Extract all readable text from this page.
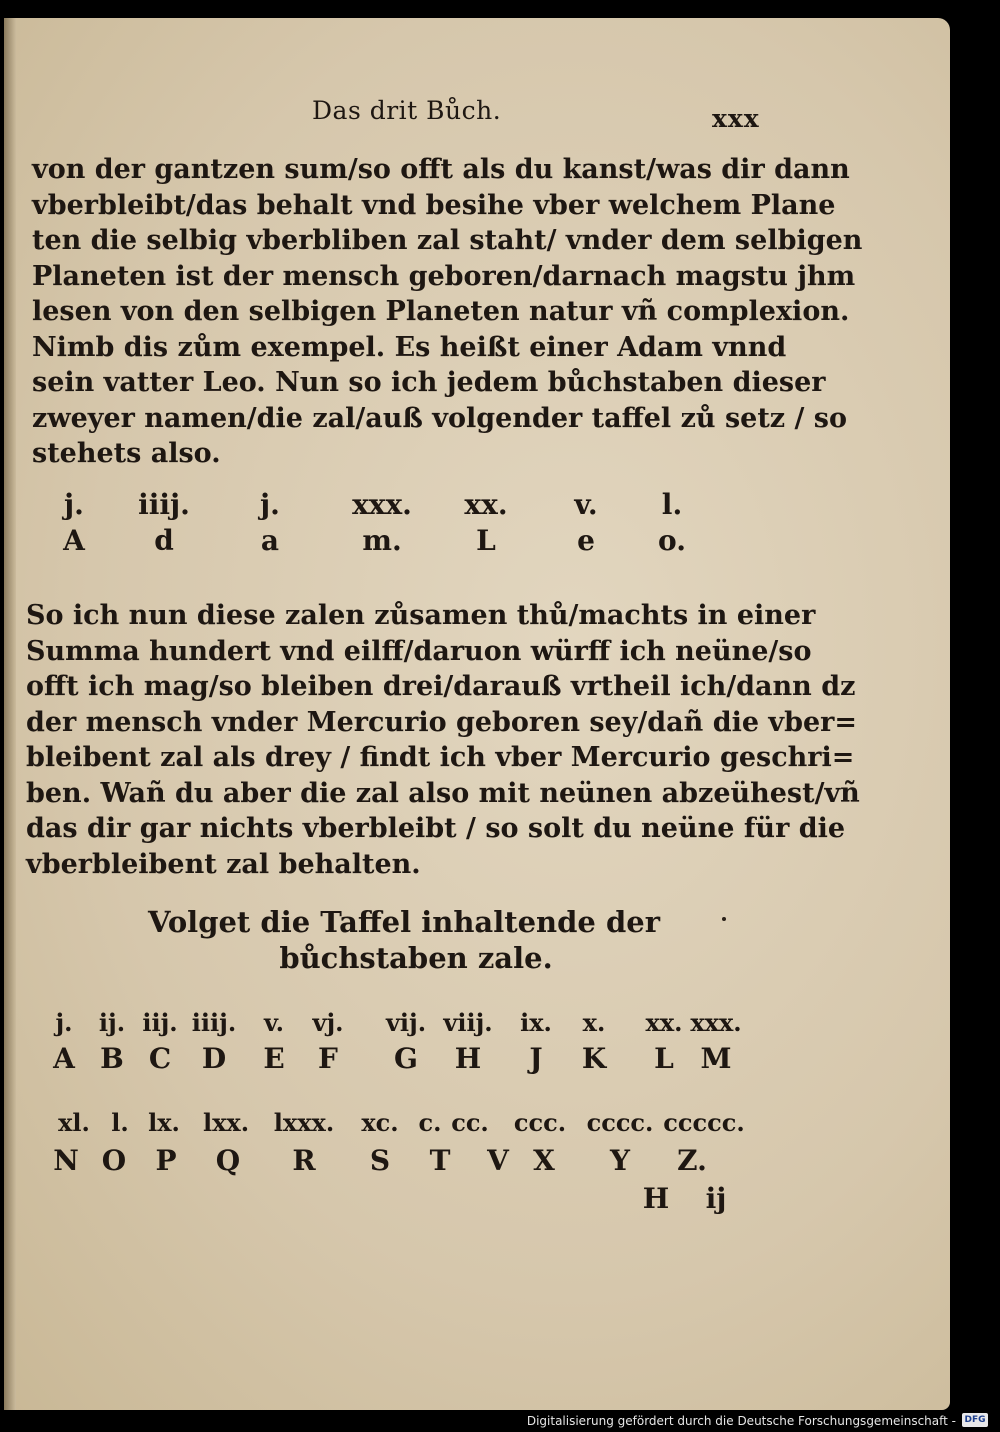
Das drit Bůch.	xxx
von der gantzen sum/so offt als du kanst/was dir dann
vberbleibt/das behalt vnd besihe vber welchem Plane
ten die selbig vberbliben zal staht/ vnder dem selbigen
Planeten ist der mensch geboren/darnach magstu jhm
lesen von den selbigen Planeten natur vñ complexion.
Nimb dis zům exempel. Es heißt einer Adam vnnd
sein vatter Leo. Nun so ich jedem bůchstaben dieser
zweyer namen/die zal/auß volgender taffel zů setz / so
stehets also.
j. iiij.	j.	xxx. xx. v. l.
A d	a	m.	L	e o.
So ich nun diese zalen zůsamen thů/machts in einer
Summa hundert vnd eilff/daruon würff ich neüne/so
offt ich mag/so bleiben drei/darauß vrtheil ich/dann dz
der mensch vnder Mercurio geboren sey/dañ die vber=
bleibent zal als drey / findt ich vber Mercurio geschri=
ben. Wañ du aber die zal also mit neünen abzeühest/vñ
das dir gar nichts vberbleibt / so solt du neüne für die
vberbleibent zal behalten.
Volget die Taffel inhaltende der
bůchstaben zale.
j. ij. iij. iiij. v. vj. vij. viij. ix. x. xx. xxx.
A B C D E F G H J K L M
xl. l. lx. lxx. lxxx. xc. c. cc. ccc. cccc. ccccc.
N O P Q R S T V X Y Z.
H ij
Digitalisierung gefördert durch die Deutsche Forschungsgemeinschaft - DFG
